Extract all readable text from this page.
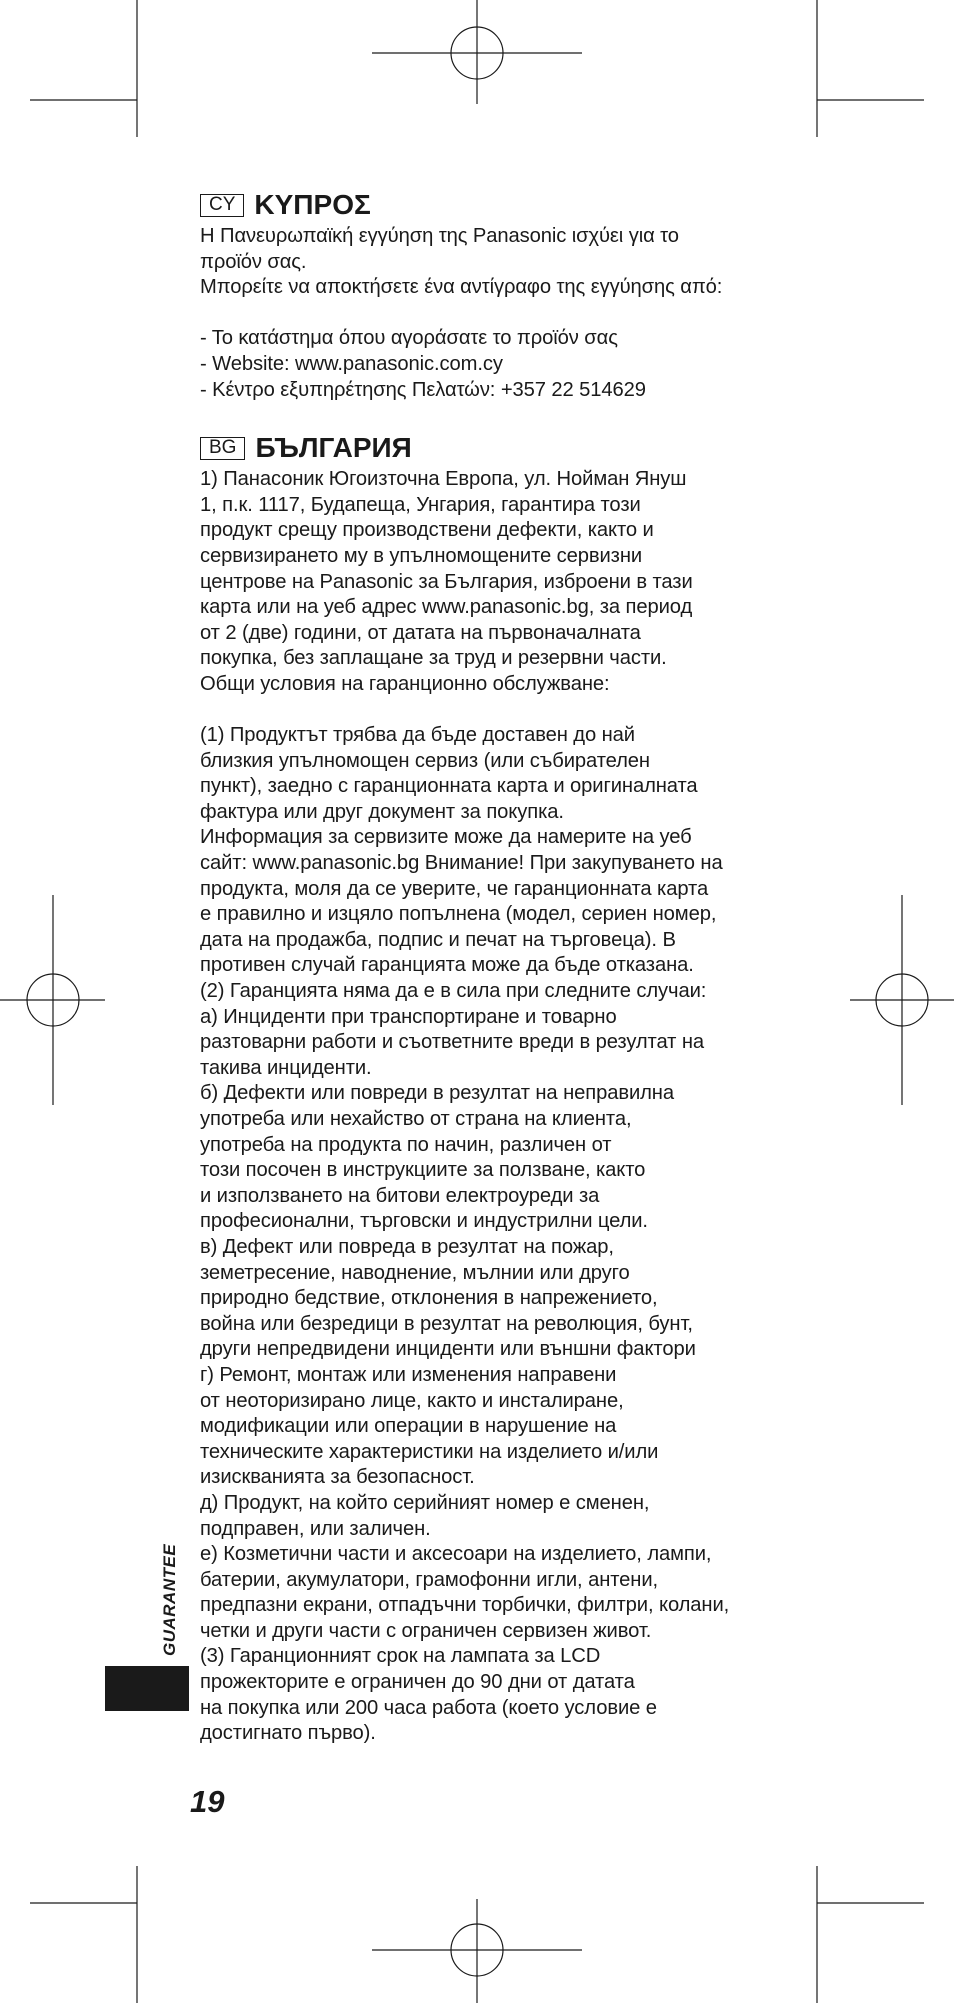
CY ΚΥΠΡΟΣ
Η Πανευρωπαϊκή εγγύηση της Panasonic ισχύει για το
προϊόν σας.
Μπορείτε να αποκτήσετε ένα αντίγραφο της εγγύησης από:
- Το κατάστημα όπου αγοράσατε το προϊόν σας
- Website: www.panasonic.com.cy
- Κέντρο εξυπηρέτησης Πελατών: +357 22 514629
BG БЪЛГАРИЯ
1) Панасоник Югоизточна Европа, ул. Нойман Януш
1, п.к. 1117, Будапеща, Унгария, гарантира този
продукт срещу производствени дефекти, както и
сервизирането му в упълномощените сервизни
центрове на Panasonic за България, изброени в тази
карта или на уеб адрес www.panasonic.bg, за период
от 2 (две) години, от датата на първоначалната
покупка, без заплащане за труд и резервни части.
Общи условия на гаранционно обслужване:
(1) Продуктът трябва да бъде доставен до най
близкия упълномощен сервиз (или събирателен
пункт), заедно с гаранционната карта и оригиналната
фактура или друг документ за покупка.
Информация за сервизите може да намерите на уеб
сайт: www.panasonic.bg Внимание! При закупуването на
продукта, моля да се уверите, че гаранционната карта
е правилно и изцяло попълнена (модел, сериен номер,
дата на продажба, подпис и печат на търговеца). В
противен случай гаранцията може да бъде отказана.
(2) Гаранцията няма да е в сила при следните случаи:
а) Инциденти при транспортиране и товарно
разтоварни работи и съответните вреди в резултат на
такива инциденти.
б) Дефекти или повреди в резултат на неправилна
употреба или нехайство от страна на клиента,
употреба на продукта по начин, различен от
този посочен в инструкциите за ползване, както
и използването на битови електроуреди за
професионални, търговски и индустрилни цели.
в) Дефект или повреда в резултат на пожар,
земетресение, наводнение, мълнии или друго
природно бедствие, отклонения в напрежението,
война или безредици в резултат на революция, бунт,
други непредвидени инциденти или външни фактори
г) Ремонт, монтаж или изменения направени
от неоторизирано лице, както и инсталиране,
модификации или операции в нарушение на
техническите характеристики на изделието и/или
изискванията за безопасност.
д) Продукт, на който серийният номер е сменен,
подправен, или заличен.
е) Козметични части и аксесоари на изделието, лампи,
батерии, акумулатори, грамофонни игли, антени,
предпазни екрани, отпадъчни торбички, филтри, колани,
четки и други части с ограничен сервизен живот.
(3) Гаранционният срок на лампата за LCD
прожекторите е ограничен до 90 дни от датата
на покупка или 200 часа работа (което условие е
достигнато първо).
GUARANTEE
19
